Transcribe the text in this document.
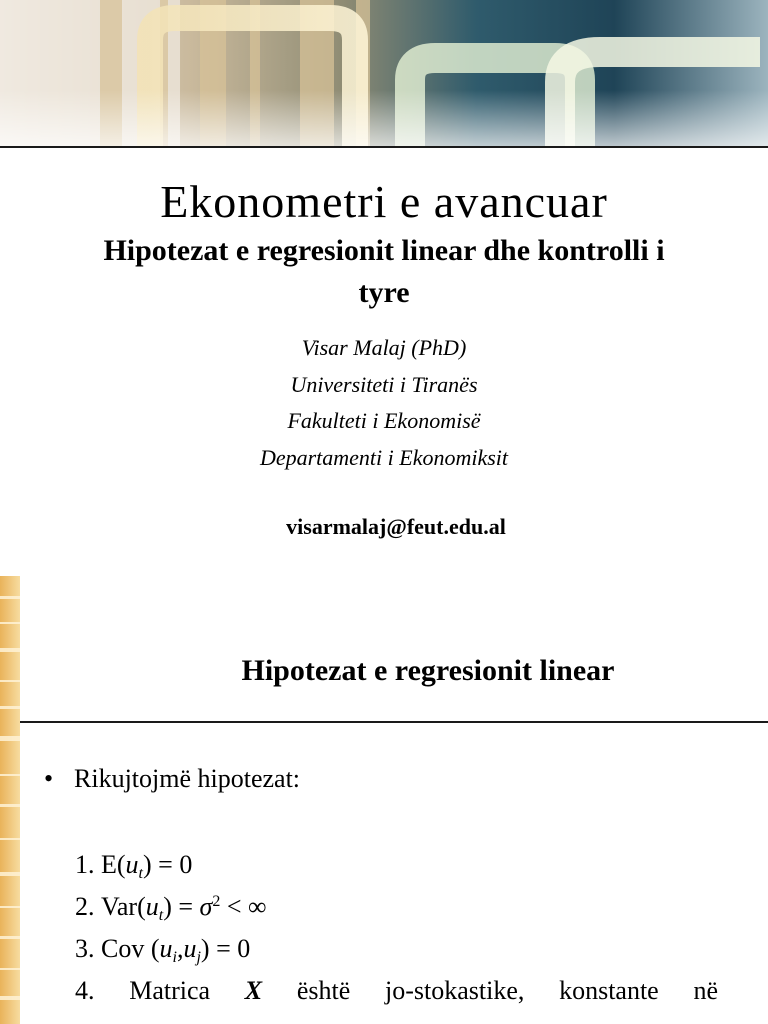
Ekonometri e avancuar
Hipotezat e regresionit linear dhe kontrolli i tyre
Visar Malaj (PhD)
Universiteti i Tiranës
Fakulteti i Ekonomisë
Departamenti i Ekonomiksit
visarmalaj@feut.edu.al
Hipotezat e regresionit linear
• Rikujtojmë hipotezat:
1. $E(u_t) = 0$
2. $Var(u_t) = \sigma^2$ < ∞
3. Cov $(u_i,u_j) = 0$
4. Matrica X është jo-stokastike, konstante në
